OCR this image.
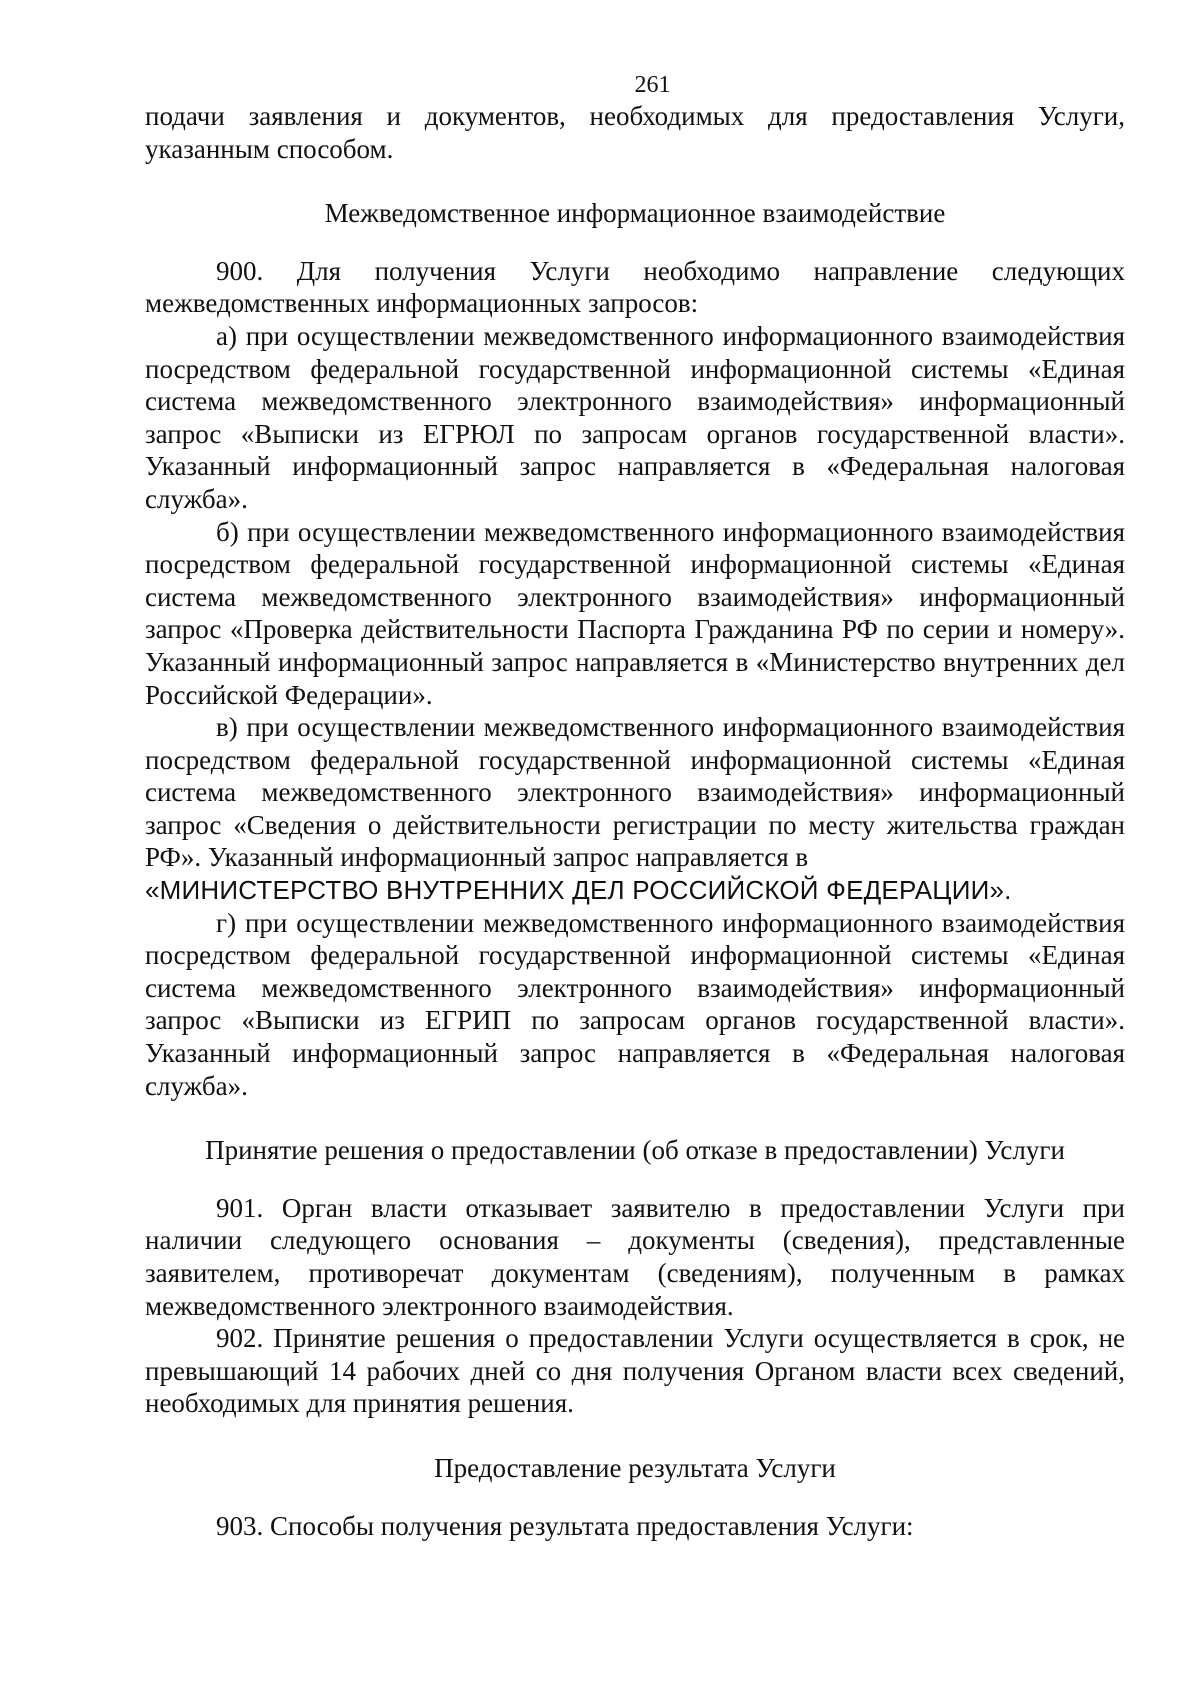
261

подачи заявления и документов, необходимых для предоставления Услуги, указанным способом.

Межведомственное информационное взаимодействие

900. Для получения Услуги необходимо направление следующих межведомственных информационных запросов:

а) при осуществлении межведомственного информационного взаимодействия посредством федеральной государственной информационной системы «Единая система межведомственного электронного взаимодействия» информационный запрос «Выписки из ЕГРЮЛ по запросам органов государственной власти». Указанный информационный запрос направляется в «Федеральная налоговая служба».

б) при осуществлении межведомственного информационного взаимодействия посредством федеральной государственной информационной системы «Единая система межведомственного электронного взаимодействия» информационный запрос «Проверка действительности Паспорта Гражданина РФ по серии и номеру». Указанный информационный запрос направляется в «Министерство внутренних дел Российской Федерации».

в) при осуществлении межведомственного информационного взаимодействия посредством федеральной государственной информационной системы «Единая система межведомственного электронного взаимодействия» информационный запрос «Сведения о действительности регистрации по месту жительства граждан РФ». Указанный информационный запрос направляется в

«МИНИСТЕРСТВО ВНУТРЕННИХ ДЕЛ РОССИЙСКОЙ ФЕДЕРАЦИИ».

г) при осуществлении межведомственного информационного взаимодействия посредством федеральной государственной информационной системы «Единая система межведомственного электронного взаимодействия» информационный запрос «Выписки из ЕГРИП по запросам органов государственной власти». Указанный информационный запрос направляется в «Федеральная налоговая служба».

Принятие решения о предоставлении (об отказе в предоставлении) Услуги

901. Орган власти отказывает заявителю в предоставлении Услуги при наличии следующего основания – документы (сведения), представленные заявителем, противоречат документам (сведениям), полученным в рамках межведомственного электронного взаимодействия.

902. Принятие решения о предоставлении Услуги осуществляется в срок, не превышающий 14 рабочих дней со дня получения Органом власти всех сведений, необходимых для принятия решения.

Предоставление результата Услуги

903. Способы получения результата предоставления Услуги:
